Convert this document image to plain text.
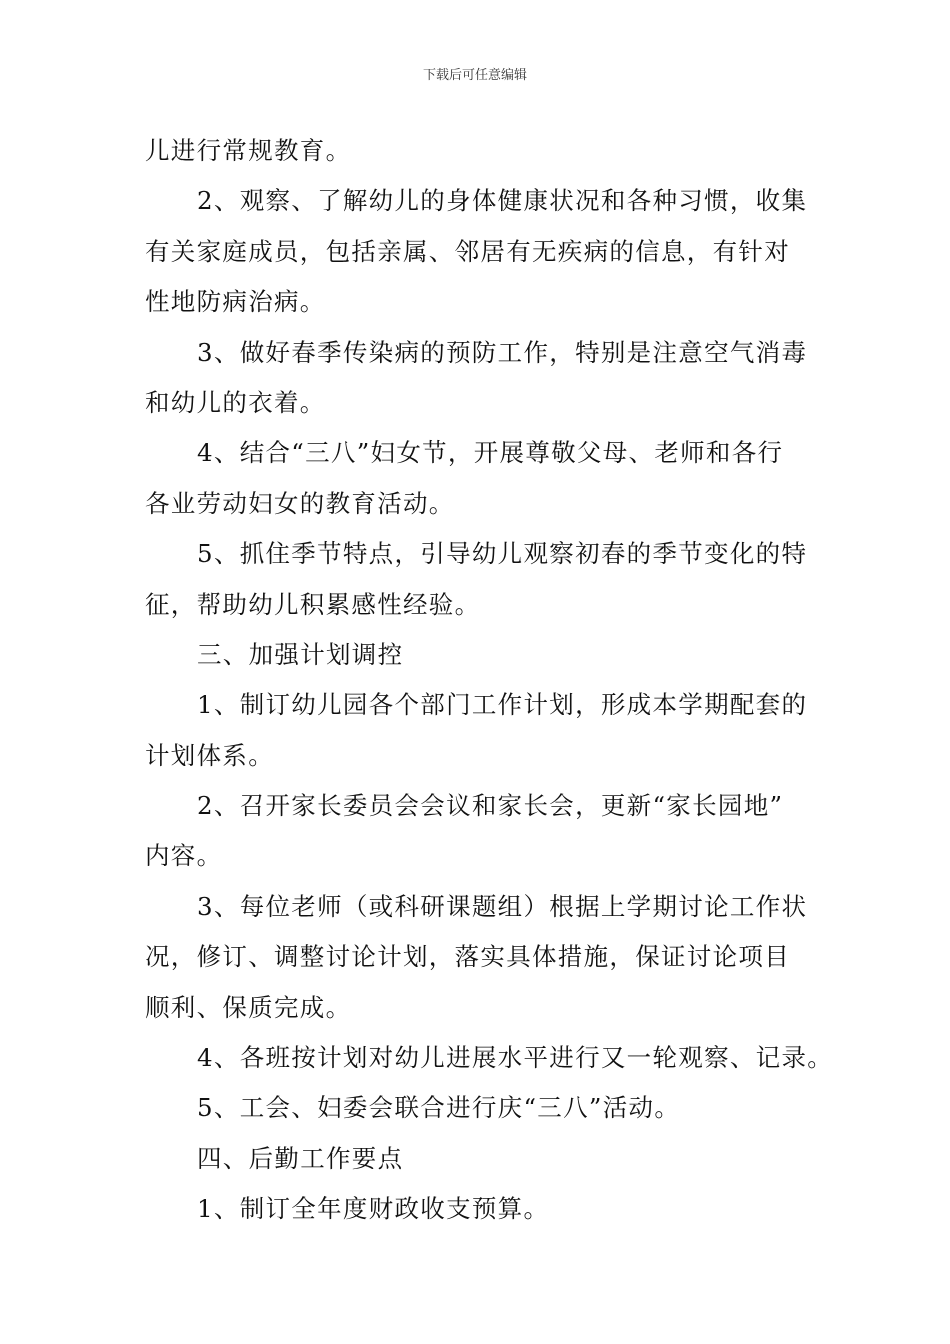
下载后可任意编辑
儿进行常规教育。
2、观察、了解幼儿的身体健康状况和各种习惯，收集
有关家庭成员，包括亲属、邻居有无疾病的信息，有针对
性地防病治病。
3、做好春季传染病的预防工作，特别是注意空气消毒
和幼儿的衣着。
4、结合“三八”妇女节，开展尊敬父母、老师和各行
各业劳动妇女的教育活动。
5、抓住季节特点，引导幼儿观察初春的季节变化的特
征，帮助幼儿积累感性经验。
三、加强计划调控
1、制订幼儿园各个部门工作计划，形成本学期配套的
计划体系。
2、召开家长委员会会议和家长会，更新“家长园地”
内容。
3、每位老师（或科研课题组）根据上学期讨论工作状
况，修订、调整讨论计划，落实具体措施，保证讨论项目
顺利、保质完成。
4、各班按计划对幼儿进展水平进行又一轮观察、记录。
5、工会、妇委会联合进行庆“三八”活动。
四、后勤工作要点
1、制订全年度财政收支预算。
